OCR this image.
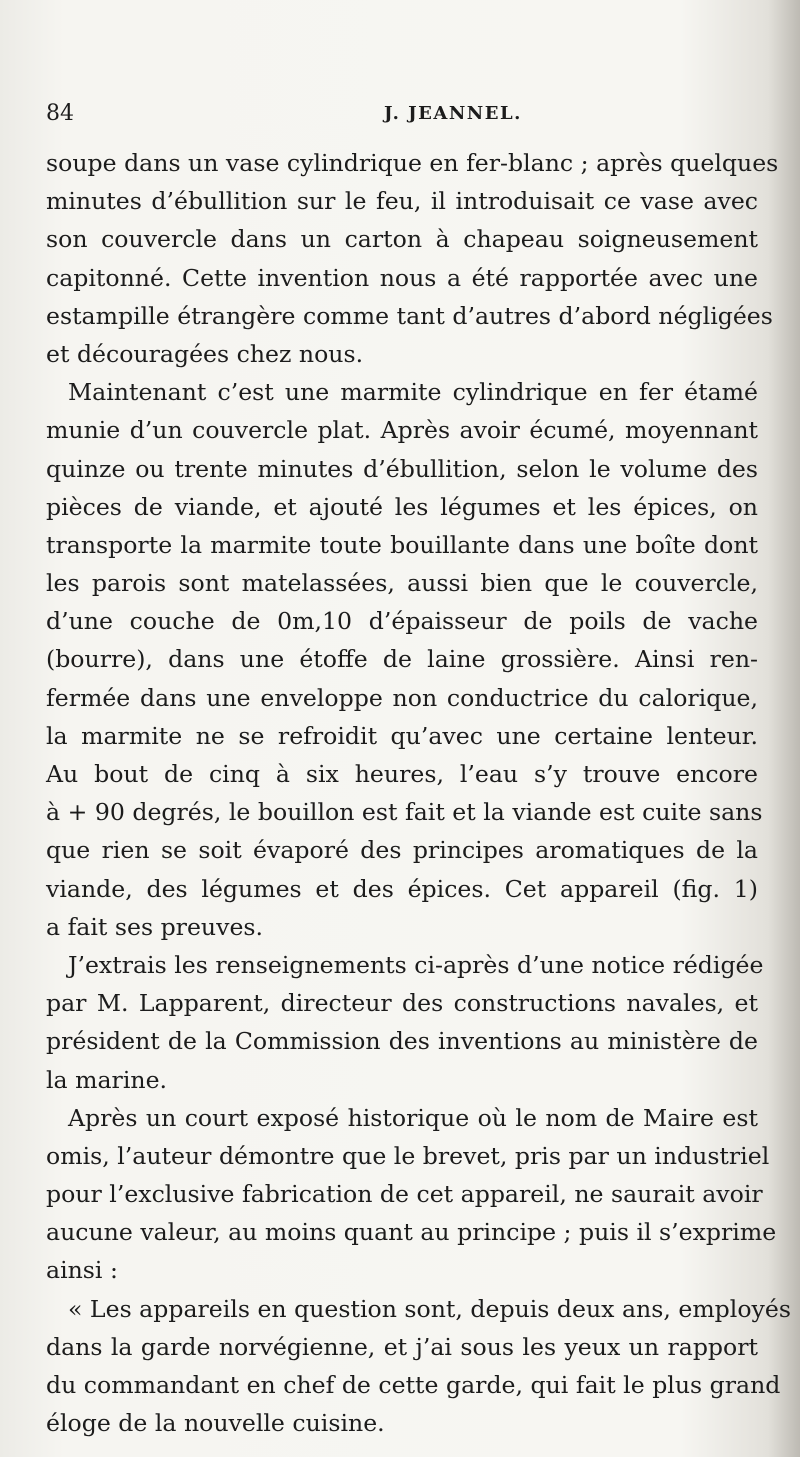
84	J. JEANNEL.
soupe dans un vase cylindrique en fer-blanc ; après quelques
minutes d’ébullition sur le feu, il introduisait ce vase avec
son couvercle dans un carton à chapeau soigneusement
capitonné. Cette invention nous a été rapportée avec une
estampille étrangère comme tant d’autres d’abord négligées
et découragées chez nous.
Maintenant c’est une marmite cylindrique en fer étamé
munie d’un couvercle plat. Après avoir écumé, moyennant
quinze ou trente minutes d’ébullition, selon le volume des
pièces de viande, et ajouté les légumes et les épices, on
transporte la marmite toute bouillante dans une boîte dont
les parois sont matelassées, aussi bien que le couvercle,
d’une couche de 0m,10 d’épaisseur de poils de vache
(bourre), dans une étoffe de laine grossière. Ainsi ren-
fermée dans une enveloppe non conductrice du calorique,
la marmite ne se refroidit qu’avec une certaine lenteur.
Au bout de cinq à six heures, l’eau s’y trouve encore
à + 90 degrés, le bouillon est fait et la viande est cuite sans
que rien se soit évaporé des principes aromatiques de la
viande, des légumes et des épices. Cet appareil (fig. 1)
a fait ses preuves.
J’extrais les renseignements ci-après d’une notice rédigée
par M. Lapparent, directeur des constructions navales, et
président de la Commission des inventions au ministère de
la marine.
Après un court exposé historique où le nom de Maire est
omis, l’auteur démontre que le brevet, pris par un industriel
pour l’exclusive fabrication de cet appareil, ne saurait avoir
aucune valeur, au moins quant au principe ; puis il s’exprime
ainsi :
« Les appareils en question sont, depuis deux ans, employés
dans la garde norvégienne, et j’ai sous les yeux un rapport
du commandant en chef de cette garde, qui fait le plus grand
éloge de la nouvelle cuisine.
